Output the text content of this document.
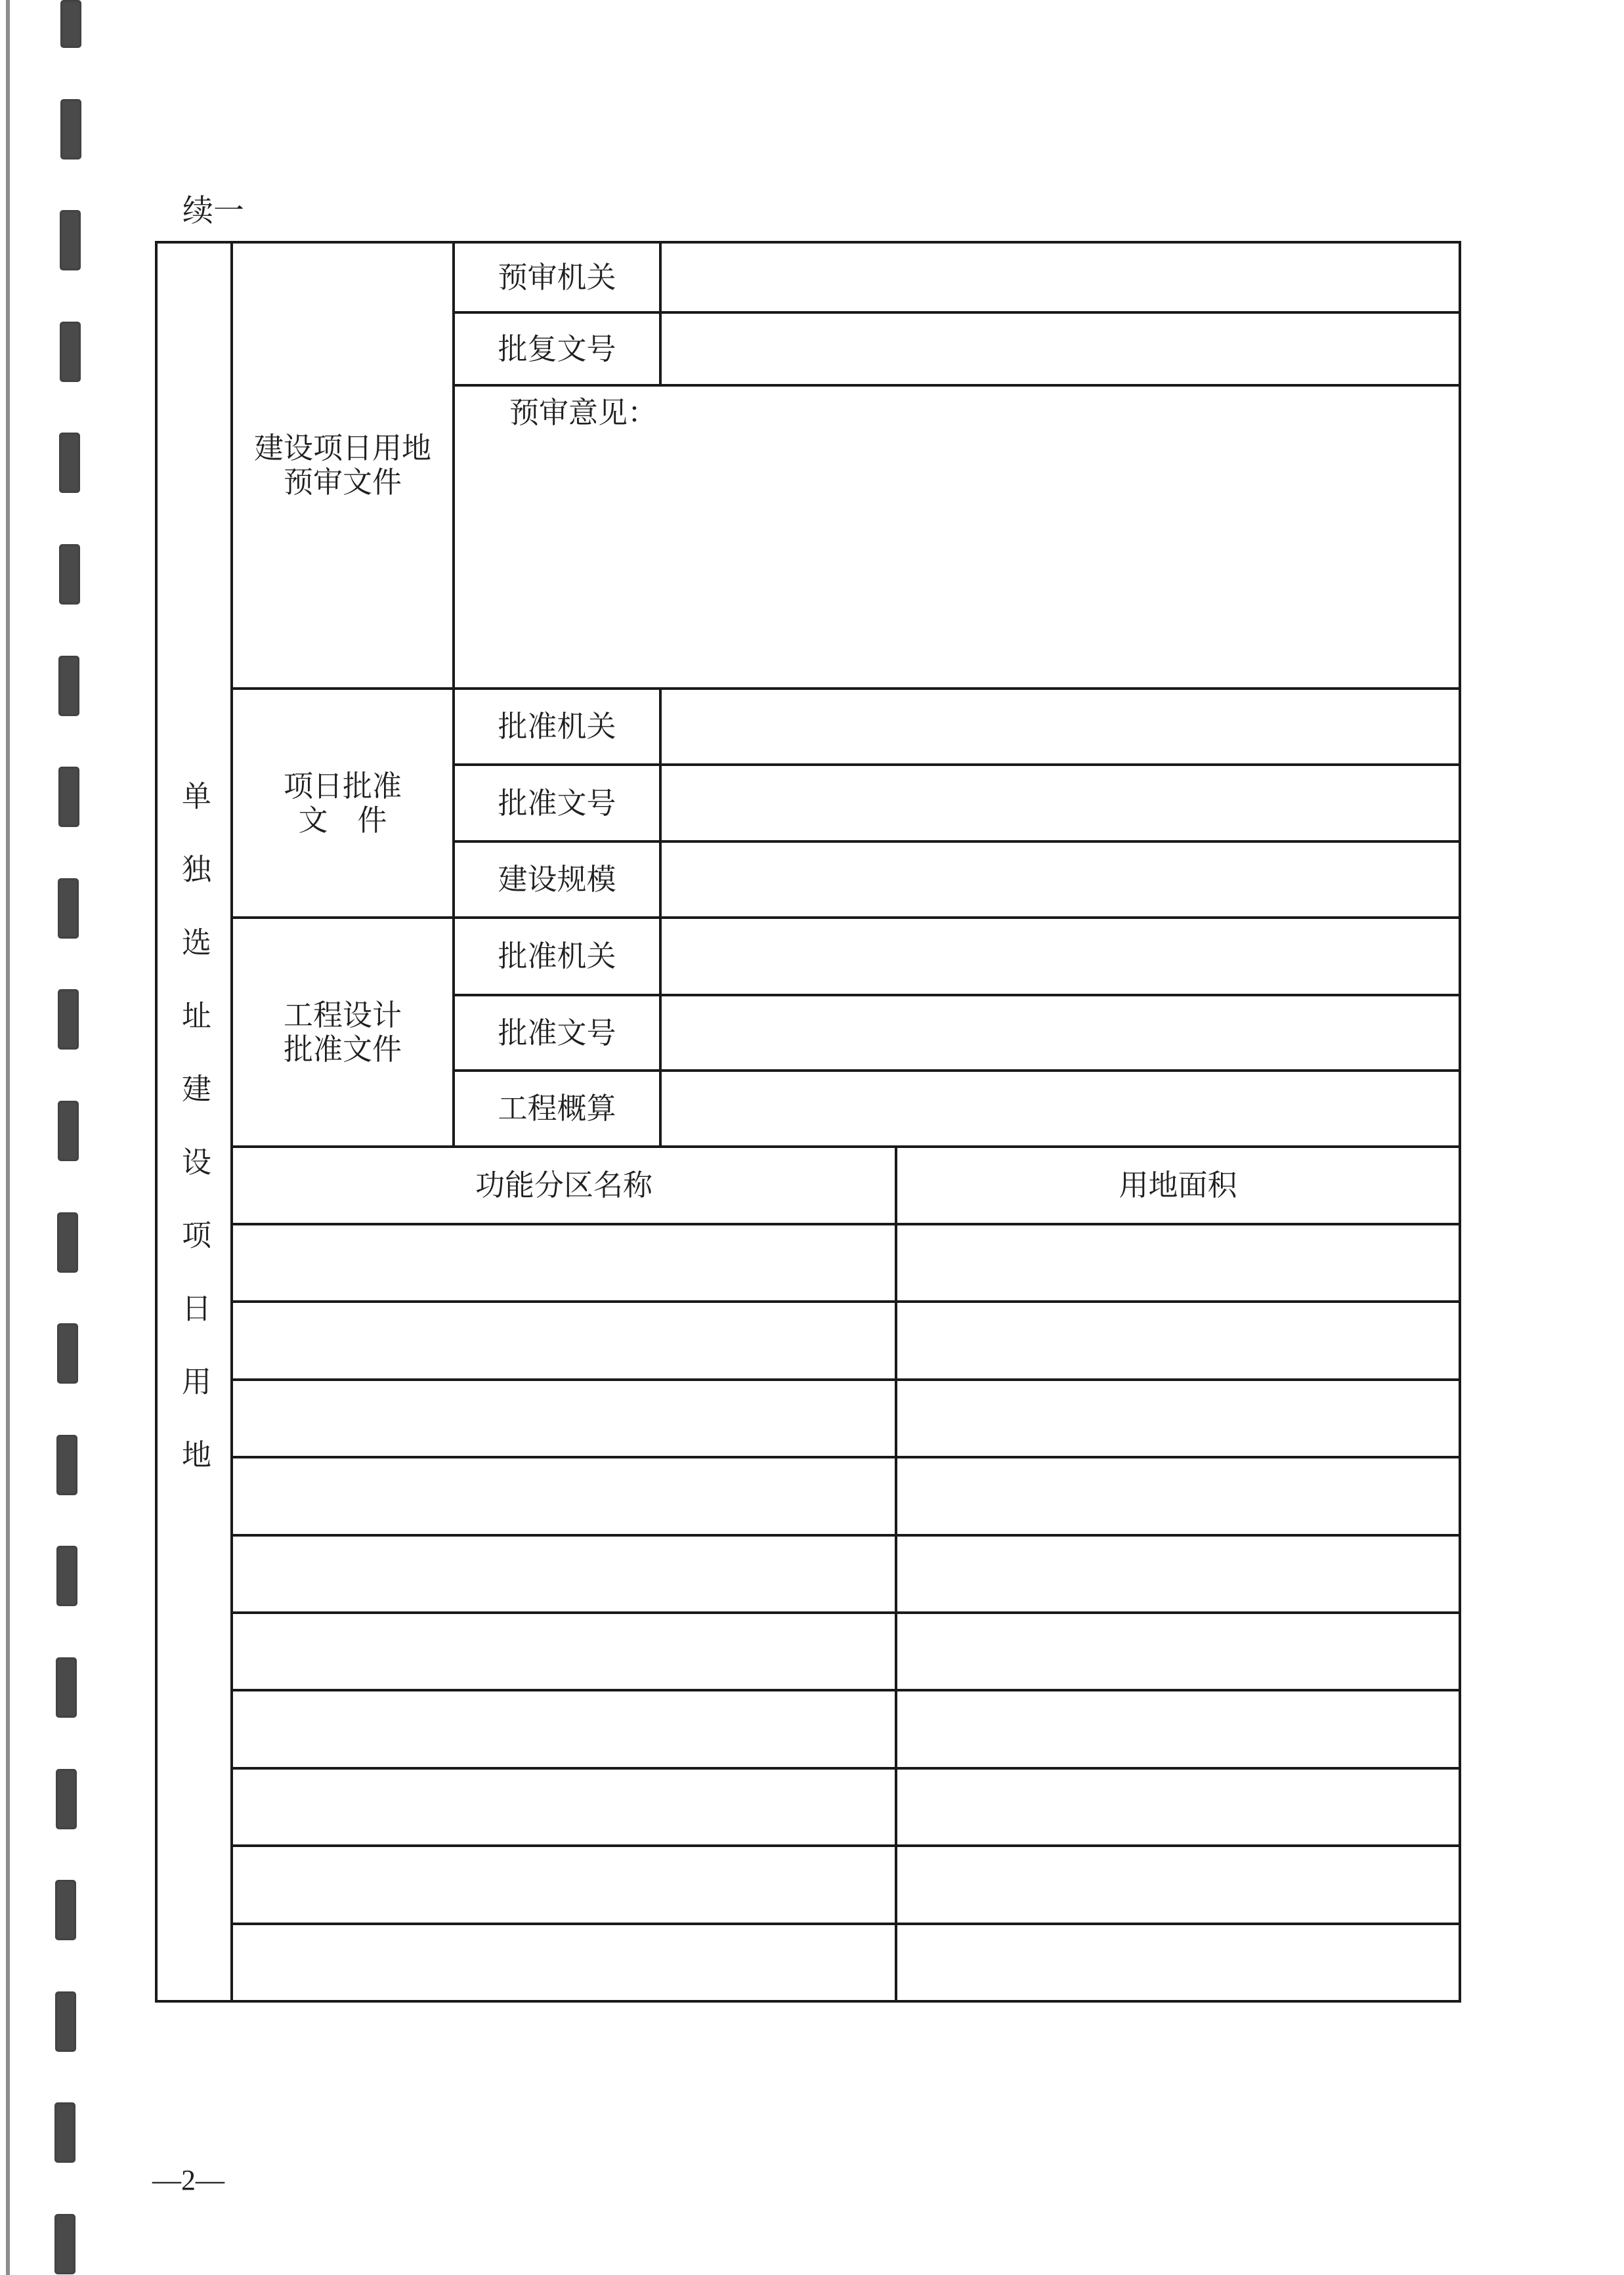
续一
单独选址建设项日用地
建设项日用地
预审文件
预审机关
批复文号
预审意见：
项日批准
文　件
批准机关
批准文号
建设规模
工程设计
批准文件
批准机关
批准文号
工程概算
功能分区名称	用地面积
—2—
